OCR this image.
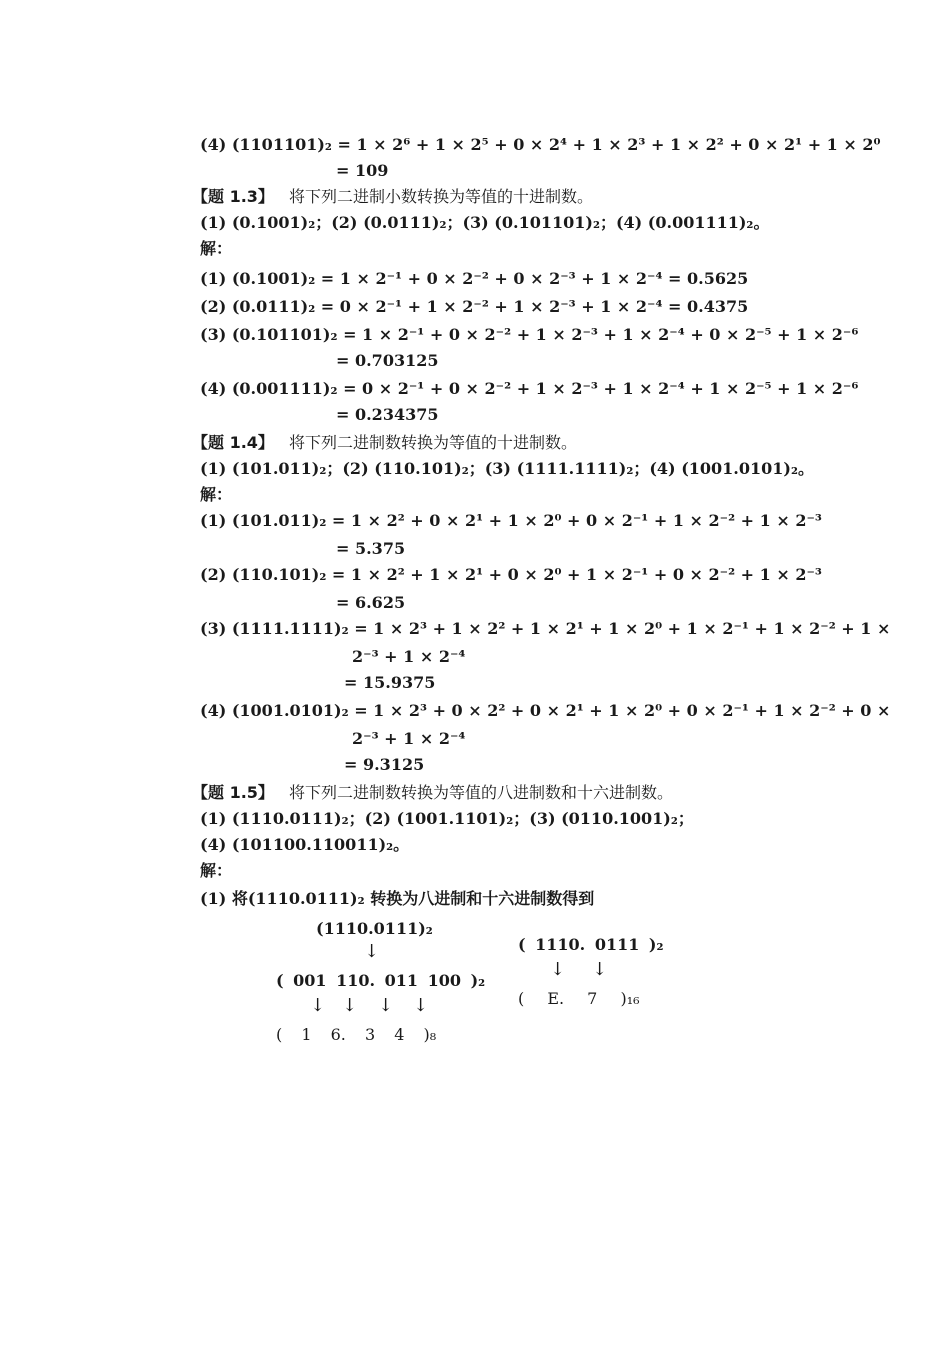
(4) (1101101)₂ = 1 × 2⁶ + 1 × 2⁵ + 0 × 2⁴ + 1 × 2³ + 1 × 2² + 0 × 2¹ + 1 × 2⁰
= 109
【题 1.3】 将下列二进制小数转换为等值的十进制数。
(1) (0.1001)₂；(2) (0.0111)₂；(3) (0.101101)₂；(4) (0.001111)₂。
解：
(1) (0.1001)₂ = 1 × 2⁻¹ + 0 × 2⁻² + 0 × 2⁻³ + 1 × 2⁻⁴ = 0.5625
(2) (0.0111)₂ = 0 × 2⁻¹ + 1 × 2⁻² + 1 × 2⁻³ + 1 × 2⁻⁴ = 0.4375
(3) (0.101101)₂ = 1 × 2⁻¹ + 0 × 2⁻² + 1 × 2⁻³ + 1 × 2⁻⁴ + 0 × 2⁻⁵ + 1 × 2⁻⁶
= 0.703125
(4) (0.001111)₂ = 0 × 2⁻¹ + 0 × 2⁻² + 1 × 2⁻³ + 1 × 2⁻⁴ + 1 × 2⁻⁵ + 1 × 2⁻⁶
= 0.234375
【题 1.4】 将下列二进制数转换为等值的十进制数。
(1) (101.011)₂；(2) (110.101)₂；(3) (1111.1111)₂；(4) (1001.0101)₂。
解：
(1) (101.011)₂ = 1 × 2² + 0 × 2¹ + 1 × 2⁰ + 0 × 2⁻¹ + 1 × 2⁻² + 1 × 2⁻³
= 5.375
(2) (110.101)₂ = 1 × 2² + 1 × 2¹ + 0 × 2⁰ + 1 × 2⁻¹ + 0 × 2⁻² + 1 × 2⁻³
= 6.625
(3) (1111.1111)₂ = 1 × 2³ + 1 × 2² + 1 × 2¹ + 1 × 2⁰ + 1 × 2⁻¹ + 1 × 2⁻² + 1 ×
2⁻³ + 1 × 2⁻⁴
= 15.9375
(4) (1001.0101)₂ = 1 × 2³ + 0 × 2² + 0 × 2¹ + 1 × 2⁰ + 0 × 2⁻¹ + 1 × 2⁻² + 0 ×
2⁻³ + 1 × 2⁻⁴
= 9.3125
【题 1.5】 将下列二进制数转换为等值的八进制数和十六进制数。
(1) (1110.0111)₂；(2) (1001.1101)₂；(3) (0110.1001)₂；
(4) (101100.110011)₂。
解：
(1) 将(1110.0111)₂ 转换为八进制和十六进制数得到
(1110.0111)₂
↓
( 001 110. 011 100 )₂
↓ ↓ ↓ ↓
( 1 6. 3 4 )₈
( 1110. 0111 )₂
↓ ↓
( E. 7 )₁₆
